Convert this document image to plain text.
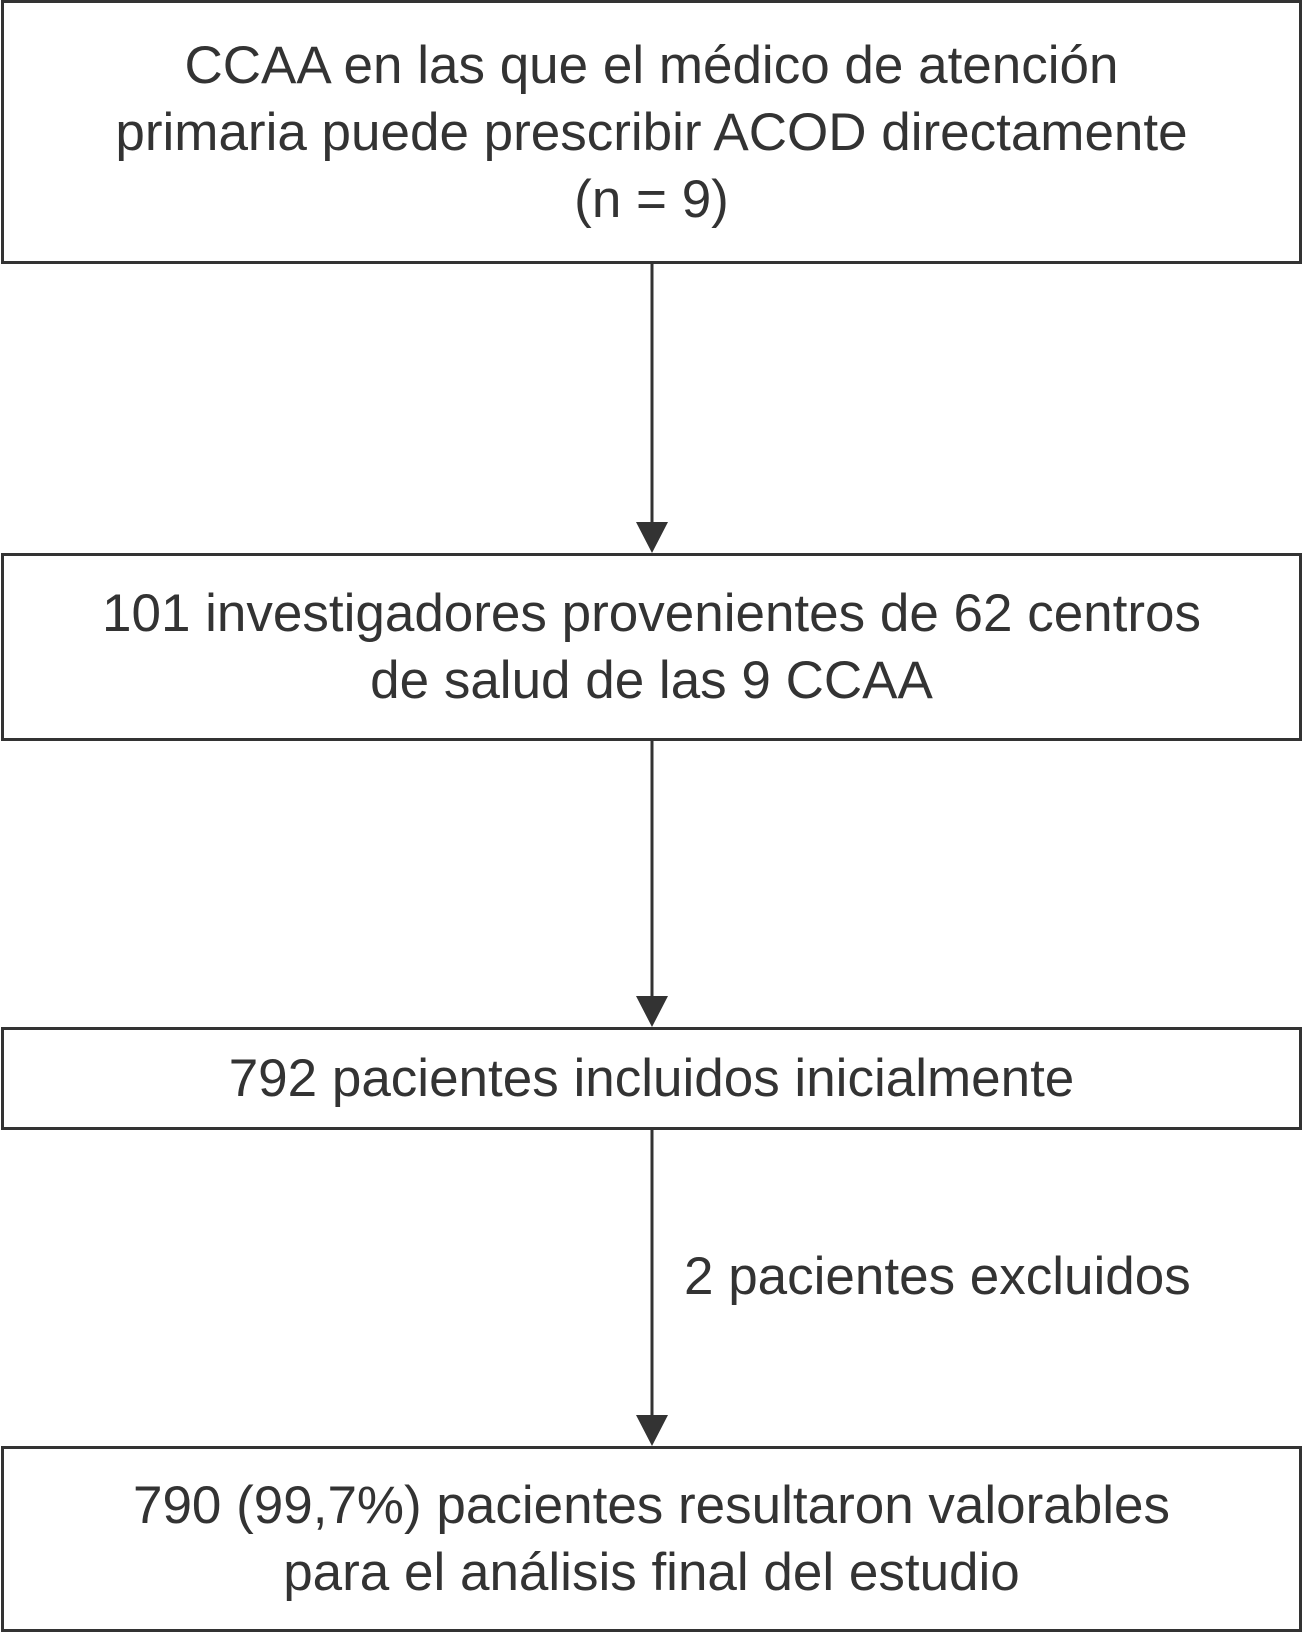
CCAA en las que el médico de atención
primaria puede prescribir ACOD directamente
(n = 9)
101 investigadores provenientes de 62 centros
de salud de las 9 CCAA
792 pacientes incluidos inicialmente
2 pacientes excluidos
790 (99,7%) pacientes resultaron valorables
para el análisis final del estudio
